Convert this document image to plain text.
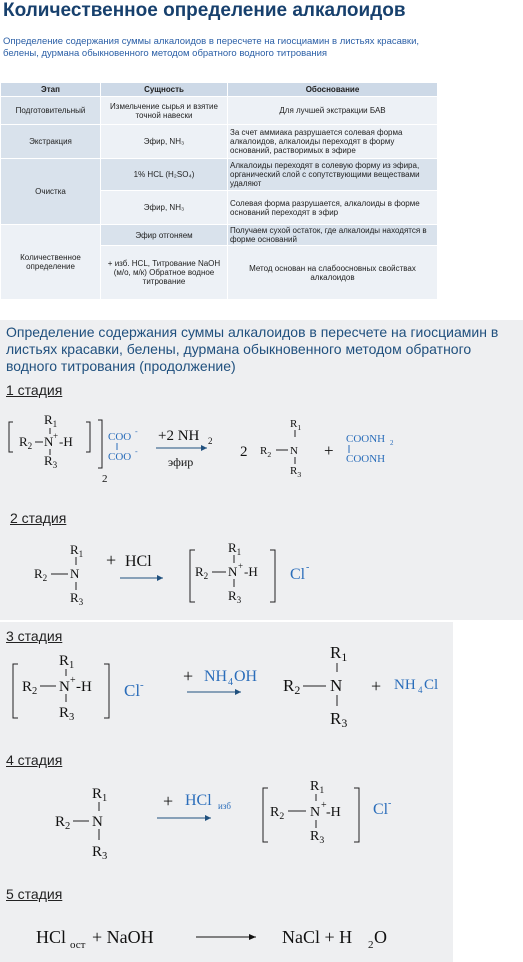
Количественное определение алкалоидов
Определение содержания суммы алкалоидов в пересчете на гиосциамин в листьях красавки, белены, дурмана обыкновенного методом обратного водного титрования
Этап	Сущность	Обоснование
Подготовительный	Измельчение сырья и взятие точной навески	Для лучшей экстракции БАВ
Экстракция	Эфир, NH₃	За счет аммиака разрушается солевая форма алкалоидов, алкалоиды переходят в форму оснований, растворимых в эфире
Очистка	1% HCL (H₂SO₄)	Алкалоиды переходят в солевую форму из эфира, органический слой с сопутствующими веществами удаляют
	Эфир, NH₃	Солевая форма разрушается, алкалоиды в форме оснований переходят в эфир
Количественное определение	Эфир отгоняем	Получаем сухой остаток, где алкалоиды находятся в форме оснований
	+ изб. HCL, Титрование NaOH (м/о, м/к) Обратное водное титрование	Метод основан на слабоосновных свойствах алкалоидов
Определение содержания суммы алкалоидов в пересчете на гиосциамин в листьях красавки, белены, дурмана обыкновенного методом обратного водного титрования (продолжение)
1 стадия
2 стадия
$R_1$
$R_2$ N + -H
$R_3$
COO -
COO -
2
+2 NH 2
эфир
2
$R_1$
$R_2$ N
$R_3$
+
COONH 2
COONH
$R_1$
$R_2$ N
$R_3$
+ HCl
$R_1$
$R_2$ N + -H
$R_3$
Cl -
3 стадия
4 стадия
5 стадия
$R_1$
$R_2$ N + -H
$R_3$
Cl - + NH 4 OH
R1
R2 N
R3
+ NH 4 Cl
$R_1$
$R_2$ N
$R_3$
+ HCl изб
$R_1$
$R_2$ N + -H
$R_3$
Cl -
HCl ост + NaOH	NaCl + H 2 O
